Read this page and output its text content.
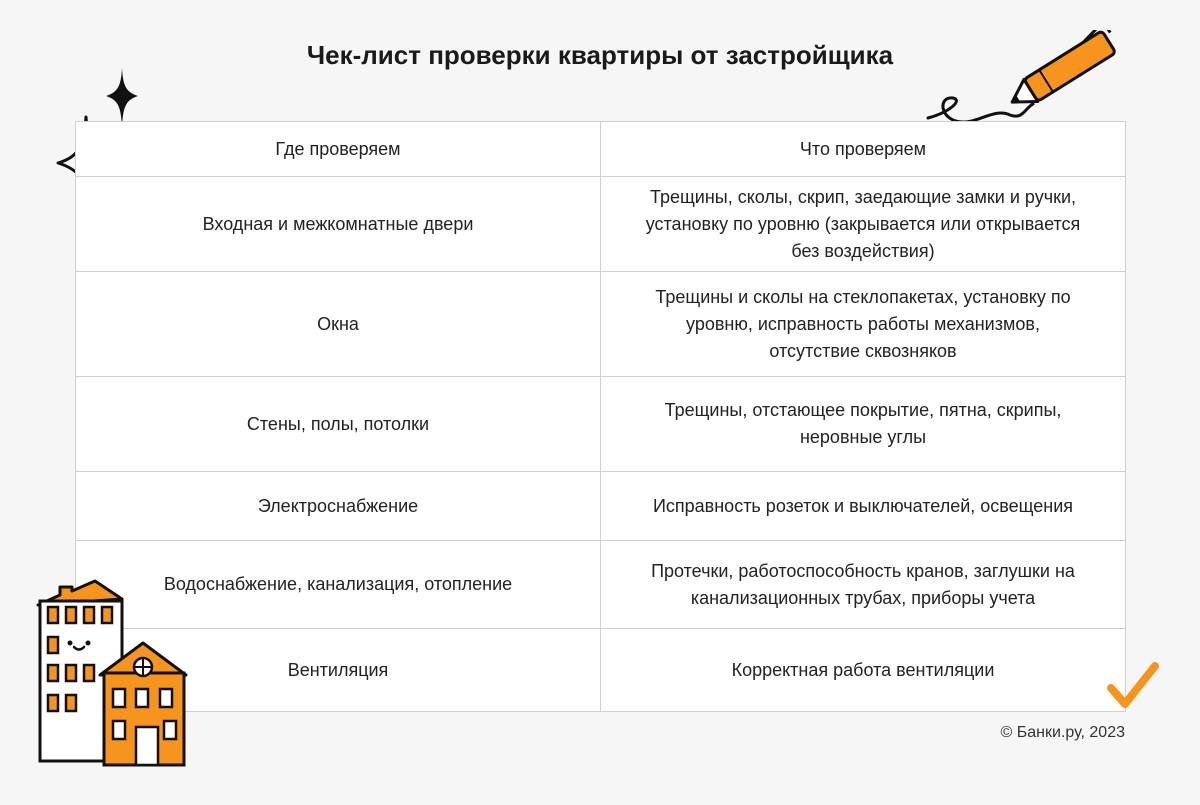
Чек-лист проверки квартиры от застройщика
Где проверяем	Что проверяем
Входная и межкомнатные двери	Трещины, сколы, скрип, заедающие замки и ручки, установку по уровню (закрывается или открывается без воздействия)
Окна	Трещины и сколы на стеклопакетах, установку по уровню, исправность работы механизмов, отсутствие сквозняков
Стены, полы, потолки	Трещины, отстающее покрытие, пятна, скрипы, неровные углы
Электроснабжение	Исправность розеток и выключателей, освещения
Водоснабжение, канализация, отопление	Протечки, работоспособность кранов, заглушки на канализационных трубах, приборы учета
Вентиляция	Корректная работа вентиляции
© Банки.ру, 2023
